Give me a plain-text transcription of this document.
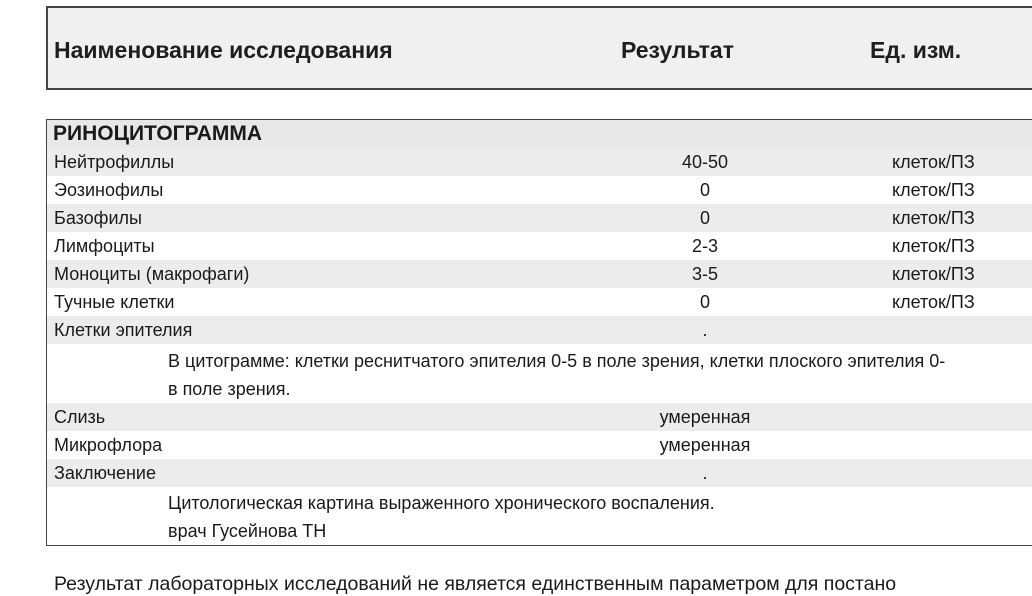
Наименование исследования	Результат	Ед. изм.
РИНОЦИТОГРАММА
Нейтрофиллы	40-50	клеток/ПЗ
Эозинофилы	0	клеток/ПЗ
Базофилы	0	клеток/ПЗ
Лимфоциты	2-3	клеток/ПЗ
Моноциты (макрофаги)	3-5	клеток/ПЗ
Тучные клетки	0	клеток/ПЗ
Клетки эпителия	.
В цитограмме: клетки реснитчатого эпителия 0-5 в поле зрения, клетки плоского эпителия 0-
в поле зрения.
Слизь	умеренная
Микрофлора	умеренная
Заключение	.
Цитологическая картина выраженного хронического воспаления.
врач Гусейнова ТН
Результат лабораторных исследований не является единственным параметром для постано
